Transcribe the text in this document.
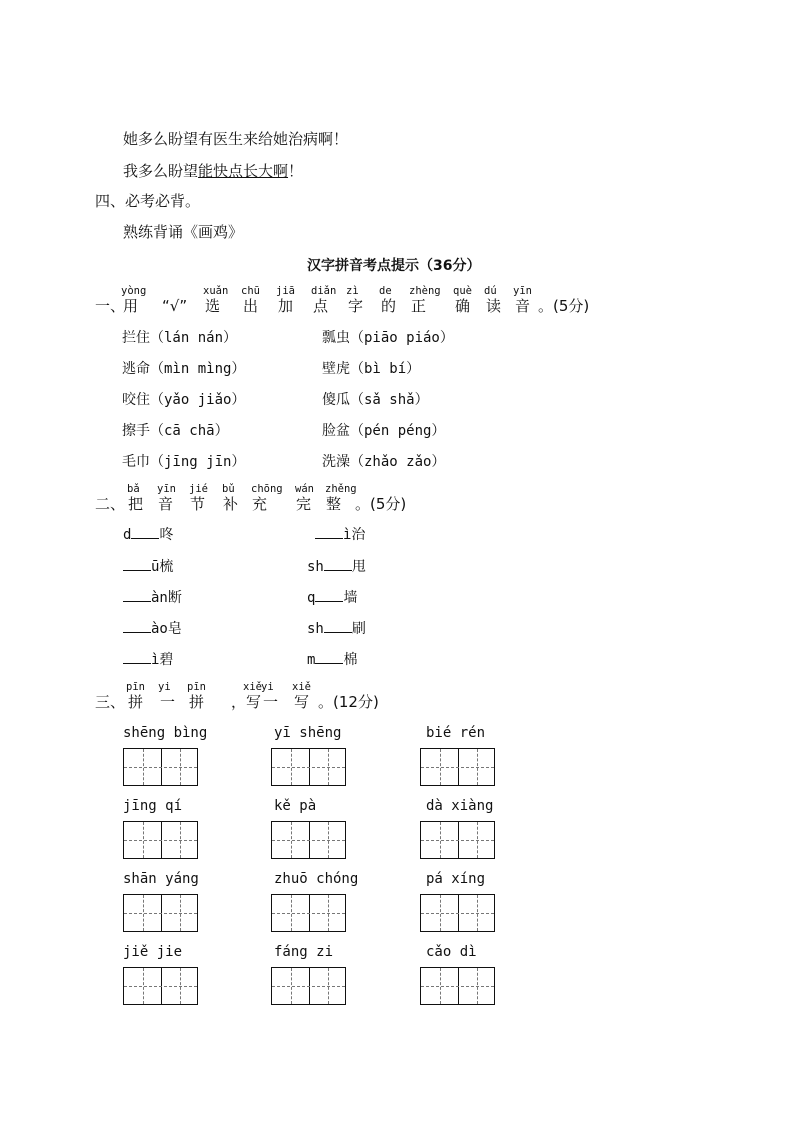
她多么盼望有医生来给她治病啊！
我多么盼望能快点长大啊！
四、必考必背。
熟练背诵《画鸡》
汉字拼音考点提示（36分）
一、
用
yòng
“√” 选
xuǎn
出
chū
加
jiā
点
diǎn
字
zì
的
de
正
zhèng
确
què
读
dú
音
yīn
。(5分)
拦住（lán nán）	瓢虫（piāo piáo）
逃命（mìn mìng）	壁虎（bì bí）
咬住（yǎo jiǎo）	傻瓜（sǎ shǎ）
擦手（cā chā）	脸盆（pén péng）
毛巾（jīng jīn）	洗澡（zhǎo zǎo）
二、 把
bǎ
音
yīn
节
jié
补
bǔ
充
chōng
完
wán
整
zhěng
。(5分)
d 咚	ì治
ū梳	sh 甩
àn断	q 墙
ào皂	sh 刷
ì碧	m 棉
三、 拼
pīn
一
yi
拼
pīn
，写
xiě
一
yi
写
xiě
。(12分)
shēng bìng	yī shēng	bié rén
jīng qí	kě pà	dà xiàng
shān yáng	zhuō chóng	pá xíng
jiě jie	fáng zi	cǎo dì
